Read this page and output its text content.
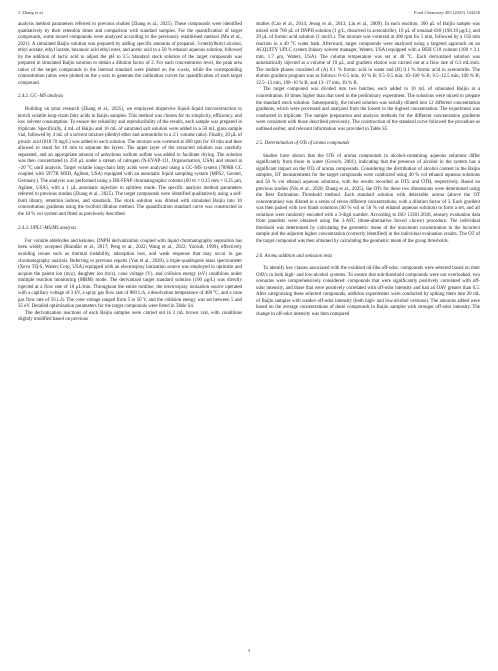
J. Zhang et al.	Food Chemistry 483 (2025) 144250

analysis method parameters referred to previous studies (Zhang et al., 2025). These compounds were identified qualitatively by their retention times and comparison with standard samples. For the quantification of target compounds, some mixed compounds were analyzed according to the previously established method (Mu et al., 2021). A simulated Baijiu solution was prepared by adding specific amounts of propanol, 3-methylbutyl alcohol, ethyl acetate, ethyl lactate, hexanoic acid ethyl ester, and acetic acid to a 50 % ethanol aqueous solution, followed by the addition of lactic acid to adjust the pH to 3.5. Standard stock solution of the target compounds was prepared in simulated Baijiu solution to obtain a dilution factor of 2. For each concentration level, the peak area ratios of the target compounds to the internal standard were plotted on the x-axis, while the corresponding concentration ratios were plotted on the y-axis to generate the calibration curves for quantification of each target compound.

2.4.2. GC–MS analysis

Building on prior research (Zhang et al., 2025), we employed dispersive liquid–liquid microextraction to enrich volatile long-chain fatty acids in Baijiu samples. This method was chosen for its simplicity, efficiency, and low solvent consumption. To ensure the reliability and reproducibility of the results, each sample was prepared in triplicate. Specifically, 4 mL of Baijiu and 16 mL of saturated salt solution were added to a 50 mL glass sample vial, followed by 4 mL of a solvent mixture (diethyl ether and acetonitrile in a 2:1 volume ratio). Finally, 20 μL of pivalic acid (818.70 mg/L) was added to each solution. The mixture was vortexed at 400 rpm for 10 min and then allowed to stand for 10 min to separate the layers. The upper layer of the extracted solution was carefully separated, and an appropriate amount of anhydrous sodium sulfate was added to facilitate drying. The solution was then concentrated to 250 μL under a stream of nitrogen (N-EVAP-111, Organomation, USA) and stored at −20 °C until analysis. Target volatile long-chain fatty acids were analyzed using a GC–MS system (7890B GC coupled with 5977B MSD, Agilent, USA) equipped with an automatic liquid sampling system (MPS2, Gerstel, Germany). The analysis was performed using a DB-FFAP chromatographic column (60 m × 0.25 mm × 0.25 μm, Agilent, USA), with a 1 μL automatic injection in splitless mode. The specific analysis method parameters referred to previous studies (Zhang et al., 2025). The target compounds were identified qualitatively using a self-built library, retention indices, and standards. The stock solution was diluted with simulated Baijiu into 10 concentration gradients using the twofold dilution method. The quantification standard curve was constructed in the 10 % vol system and fitted as previously described.

2.4.3. UPLC-MS/MS analysis

For volatile aldehydes and ketones, DNPH derivatization coupled with liquid chromatography separation has been widely accepted (Brandão et al., 2017; Peng et al., 2022; Wang et al., 2022; Yacoub, 1999), effectively avoiding issues such as thermal instability, adsorption loss, and weak response that may occur in gas chromatography analysis. Referring to previous reports (Yan et al., 2020), a triple-quadrupole mass spectrometer (Xevo TQ-S, Waters Corp, USA) equipped with an electrospray ionization source was employed to optimize and acquire the parent ion (m/z), daughter ion (m/z), cone voltage (V), and collision energy (eV) conditions under multiple reaction monitoring (MRM) mode. The derivatized target standard solution (100 μg/L) was directly injected at a flow rate of 10 μL/min. Throughout the entire runtime, the electrospray ionization source operated with a capillary voltage of 3 kV, a spray gas flow rate of 800 L/h, a desolvation temperature of 400 °C, and a cone gas flow rate of 50 L/h. The cone voltage ranged from 5 to 50 V, and the collision energy was set between 5 and 35 eV. Detailed optimization parameters for the target compounds were listed in Table S4.

The derivatization reactions of each Baijiu samples were carried out in 2 mL brown vial, with conditions slightly modified based on previous

studies (Cao et al., 2014; Jeong et al., 2013; Lin et al., 2009). In each reaction, 300 μL of Baijiu sample was mixed with 700 μL of DNPH solution (1 g/L, dissolved in acetonitrile), 10 μL of nonanal-d18 (198.19 μg/L), and 20 μL of formic acid solution (1 mol/L). The mixture was vortexed at 400 rpm for 5 min, followed by a 150 min reaction in a 40 °C water bath. Afterward, target compounds were analyzed using a targeted approach on an ACQUITY UPLC system (binary solvent manager, Waters, USA) equipped with a BEH C18 column (100 × 2.1 mm, 1.7 μm, Waters, USA). The column temperature was set at 40 °C. Each derivatized solution was automatically injected at a volume of 10 μL, and gradient elution was carried out at a flow rate of 0.3 mL/min. The mobile phases consisted of (A) 0.1 % formic acid in water and (B) 0.1 % formic acid in acetonitrile. The elution gradient program was as follows: 0–0.5 min, 10 % B; 0.5–9.5 min, 10–100 % B; 9.5–12.5 min, 100 % B; 12.5–13 min, 100–10 % B; and 13–17 min, 10 % B.

The target compound was divided into two batches, each added to 10 mL of simulated Baijiu at a concentration 10 times higher than that used in the preliminary experiment. The solutions were mixed to prepare the standard stock solution. Subsequently, the mixed solution was serially diluted into 12 different concentration gradients, which were processed and analyzed from the lowest to the highest concentration. The experiment was conducted in triplicate. The sample preparation and analysis methods for the different concentration gradients were consistent with those described previously. The construction of the standard curve followed the procedure as outlined earlier, and relevant information was provided in Table S5.

2.5. Determination of OTs of aroma compounds

Studies have shown that the OTs of aroma compounds in alcohol-containing aqueous solutions differ significantly from those in water (Grosch, 2001), indicating that the presence of alcohol in the system has a significant impact on the OTs of aroma compounds. Considering the distribution of alcohol content in the Baijiu samples, OT measurements for the target compounds were conducted using 40 % vol ethanol aqueous solutions and 50 % vol ethanol aqueous solutions, with the results recorded as OTL and OTH, respectively. Based on previous studies (Niu et al., 2020; Zhang et al., 2025), the OTs for these two dimensions were determined using the Best Estimation Threshold method. Each standard solution with detectable aroma (above the OT concentration) was diluted in a series of seven different concentrations, with a dilution factor of 3. Each gradient was then paired with two blank solutions (40 % vol or 50 % vol ethanol aqueous solution) to form a set, and all solutions were randomly encoded with a 3-digit number. According to ISO 13301:2018, sensory evaluation data from panelists were obtained using the 3-AFC (three-alternative forced choice) procedure. The individual threshold was determined by calculating the geometric mean of the maximum concentration in the incorrect sample and the adjacent higher concentration (correctly identified) in the individual evaluation results. The OT of the target compound was then obtained by calculating the geometric mean of the group thresholds.

2.6. Aroma addition and omission tests

To identify key classes associated with the oxidized oil-like off-odor, compounds were selected based on their OAVs in both high- and low-alcohol systems. To ensure that sub-threshold compounds were not overlooked, two scenarios were comprehensively considered: compounds that were significantly positively correlated with off-odor intensity, and those that were positively correlated with off-odor intensity and had an OAV greater than 0.5. After categorizing these selected compounds, addition experiments were conducted by spiking them into 20 mL of Baijiu samples with weaker off-odor intensity (both high- and low-alcohol versions). The amounts added were based on the average concentrations of these compounds in Baijiu samples with stronger off-odor intensity. The change in off-odor intensity was then compared

3
